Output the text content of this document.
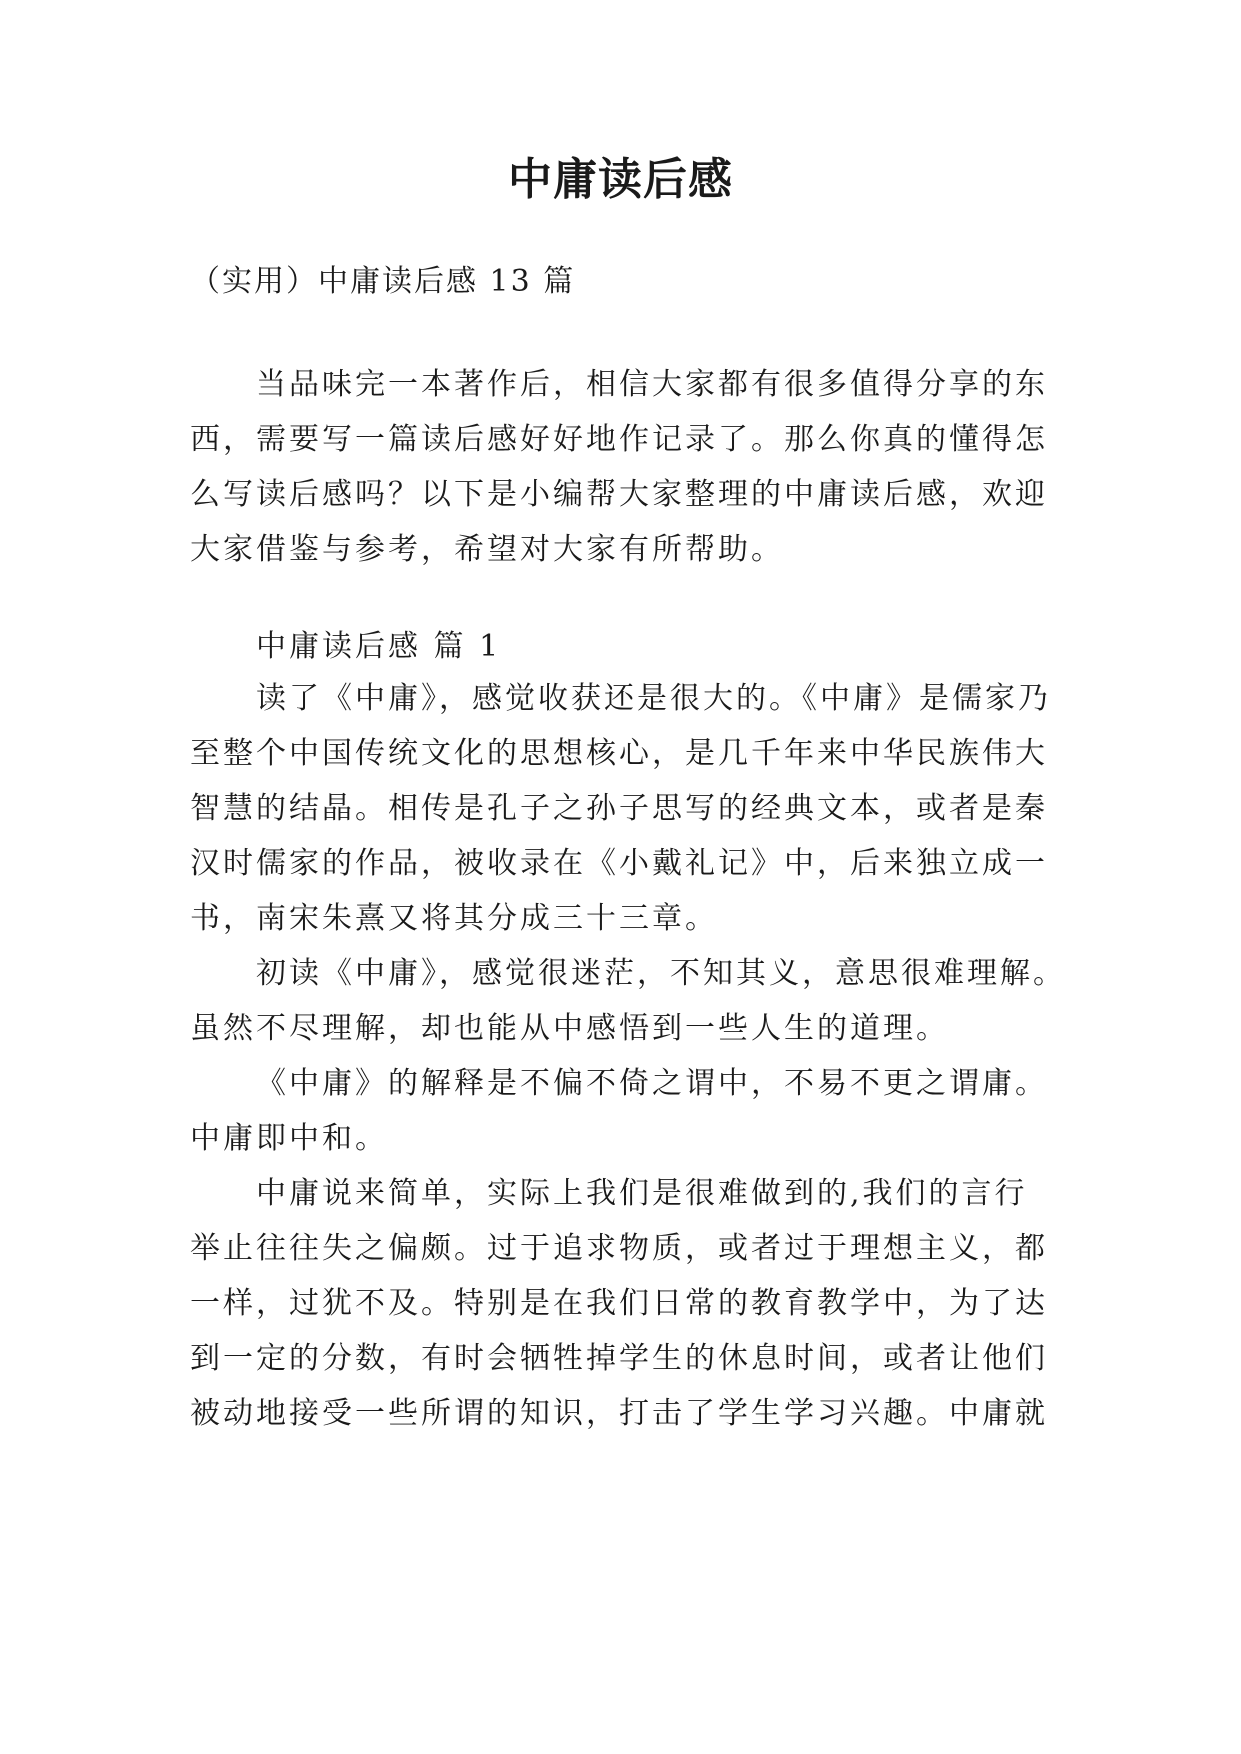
中庸读后感

（实用）中庸读后感 13 篇

当品味完一本著作后，相信大家都有很多值得分享的东

西，需要写一篇读后感好好地作记录了。那么你真的懂得怎

么写读后感吗？以下是小编帮大家整理的中庸读后感，欢迎

大家借鉴与参考，希望对大家有所帮助。

中庸读后感 篇 1

读了《中庸》，感觉收获还是很大的。《中庸》是儒家乃

至整个中国传统文化的思想核心，是几千年来中华民族伟大

智慧的结晶。相传是孔子之孙子思写的经典文本，或者是秦

汉时儒家的作品，被收录在《小戴礼记》中，后来独立成一

书，南宋朱熹又将其分成三十三章。

初读《中庸》，感觉很迷茫，不知其义，意思很难理解。

虽然不尽理解，却也能从中感悟到一些人生的道理。

《中庸》的解释是不偏不倚之谓中，不易不更之谓庸。

中庸即中和。

中庸说来简单，实际上我们是很难做到的,我们的言行

举止往往失之偏颇。过于追求物质，或者过于理想主义，都

一样，过犹不及。特别是在我们日常的教育教学中，为了达

到一定的分数，有时会牺牲掉学生的休息时间，或者让他们

被动地接受一些所谓的知识，打击了学生学习兴趣。中庸就
